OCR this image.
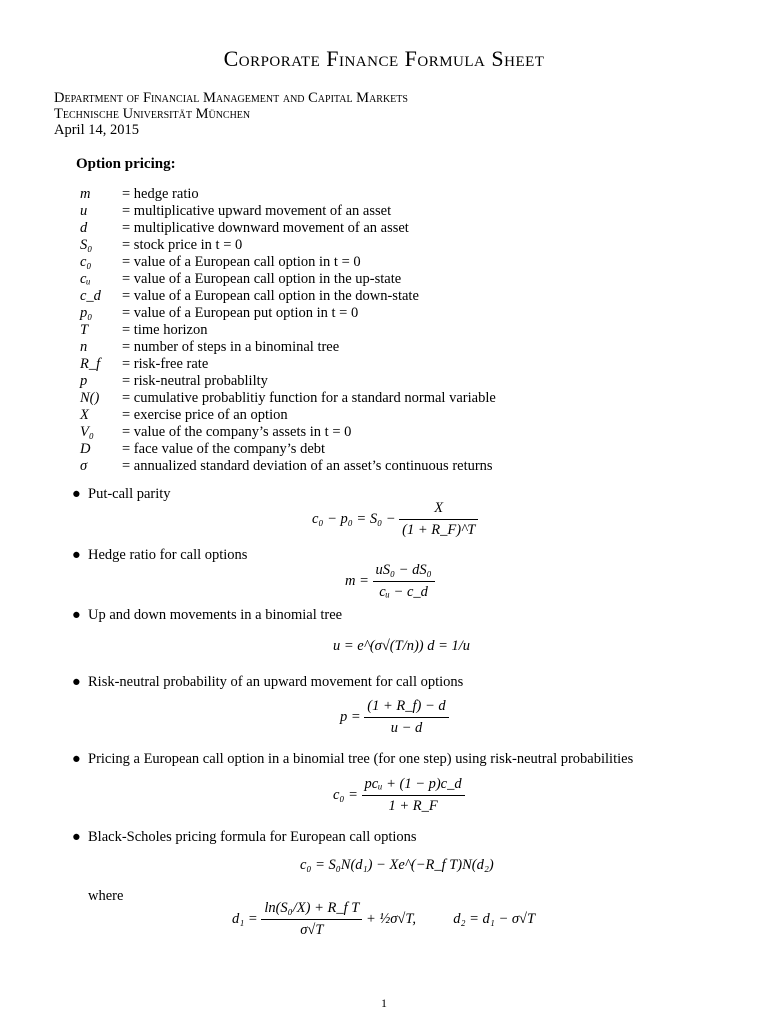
Corporate Finance Formula Sheet
Department of Financial Management and Capital Markets
Technische Universität München
April 14, 2015
Option pricing:
m	= hedge ratio
u	= multiplicative upward movement of an asset
d	= multiplicative downward movement of an asset
S₀	= stock price in t = 0
c₀	= value of a European call option in t = 0
cᵤ	= value of a European call option in the up-state
c_d	= value of a European call option in the down-state
p₀	= value of a European put option in t = 0
T	= time horizon
n	= number of steps in a binominal tree
R_f	= risk-free rate
p	= risk-neutral probablilty
N()	= cumulative probablitiy function for a standard normal variable
X	= exercise price of an option
V₀	= value of the company’s assets in t = 0
D	= face value of the company’s debt
σ	= annualized standard deviation of an asset’s continuous returns
● Put-call parity
$c_0 - p_0 = S_0 - \frac{X}{(1 + R\_F)\^{}T}$
● Hedge ratio for call options
$m = \frac{\text{uS₀ − dS₀}}{\text{cᵤ − c\_d}}$
● Up and down movements in a binomial tree
u = e^(σ√(T/n)) d = 1/u
● Risk-neutral probability of an upward movement for call options
$p = \frac{(1 + R\_f) - d}{u - d}$
● Pricing a European call option in a binomial tree (for one step) using risk-neutral probabilities
$c_0 = \frac{\text{pcᵤ + (1 − p)c\_d}}{1 + R\_F}$
● Black-Scholes pricing formula for European call options
c₀ = S₀N(d₁) − Xe^(−R_f T)N(d₂)
where
$d_1 = \frac{\text{ln(S₀/X) + R\_f T}}{\sigma√T}$ + ½σ√T,	d₂ = d₁ − σ√T
1
